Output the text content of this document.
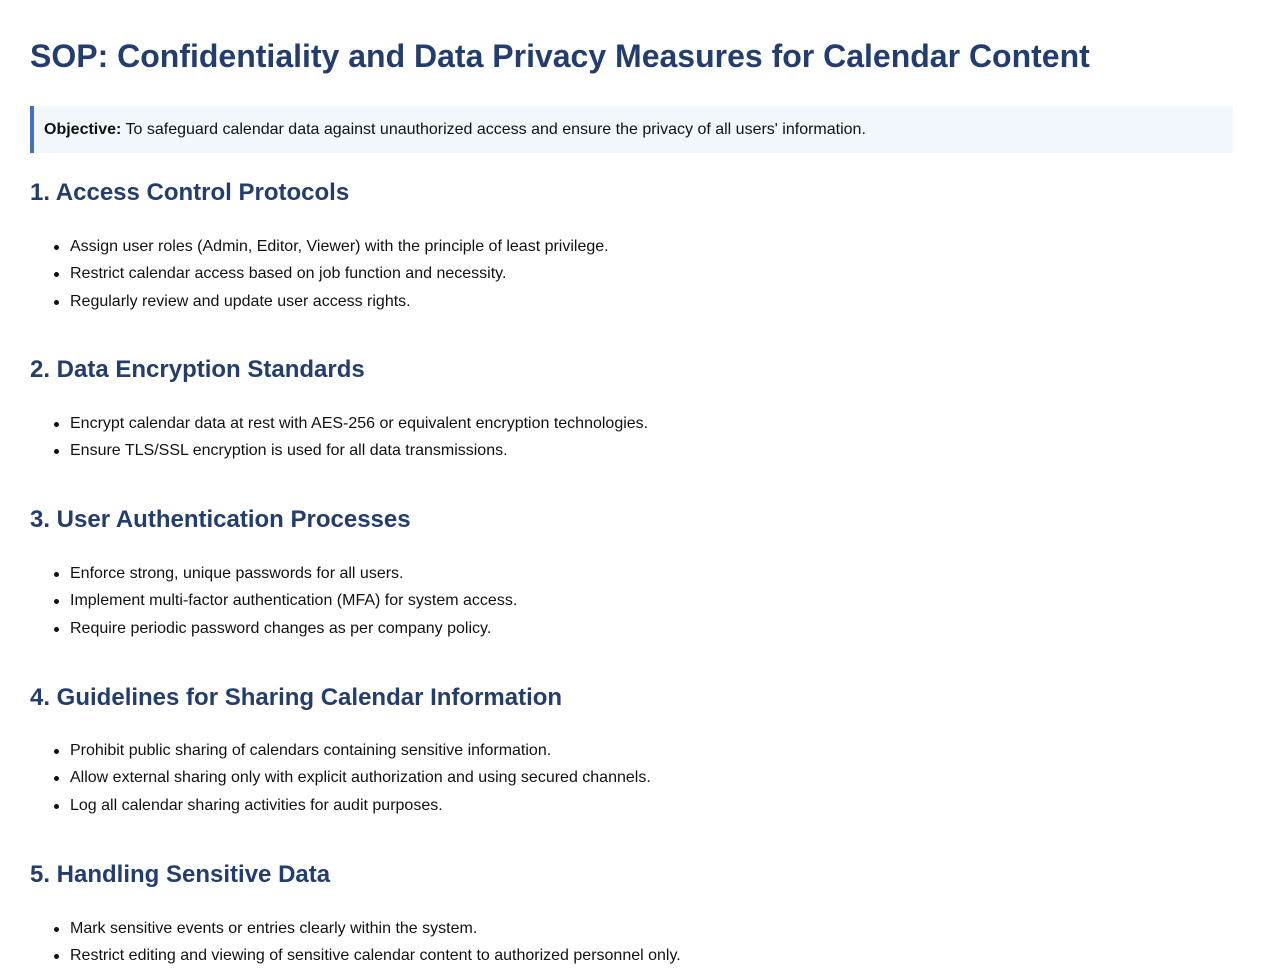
SOP: Confidentiality and Data Privacy Measures for Calendar Content
Objective: To safeguard calendar data against unauthorized access and ensure the privacy of all users' information.
1. Access Control Protocols
Assign user roles (Admin, Editor, Viewer) with the principle of least privilege.
Restrict calendar access based on job function and necessity.
Regularly review and update user access rights.
2. Data Encryption Standards
Encrypt calendar data at rest with AES-256 or equivalent encryption technologies.
Ensure TLS/SSL encryption is used for all data transmissions.
3. User Authentication Processes
Enforce strong, unique passwords for all users.
Implement multi-factor authentication (MFA) for system access.
Require periodic password changes as per company policy.
4. Guidelines for Sharing Calendar Information
Prohibit public sharing of calendars containing sensitive information.
Allow external sharing only with explicit authorization and using secured channels.
Log all calendar sharing activities for audit purposes.
5. Handling Sensitive Data
Mark sensitive events or entries clearly within the system.
Restrict editing and viewing of sensitive calendar content to authorized personnel only.
